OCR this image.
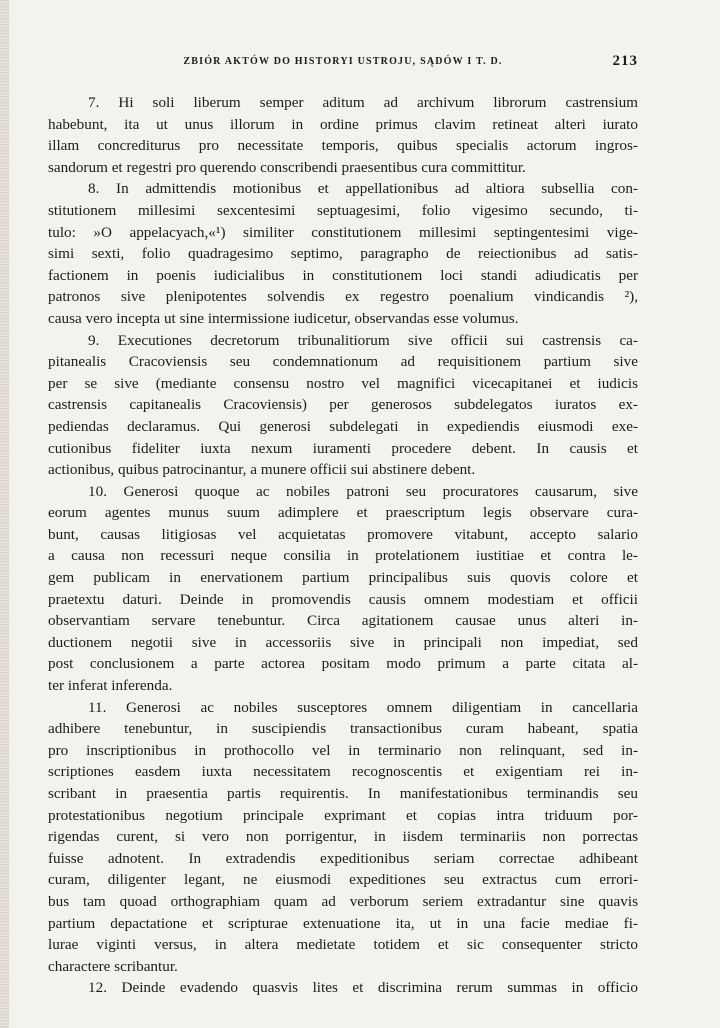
ZBIÓR AKTÓW DO HISTORYI USTROJU, SĄDÓW I T. D.	213
7. Hi soli liberum semper aditum ad archivum librorum castrensium
habebunt, ita ut unus illorum in ordine primus clavim retineat alteri iurato
illam concrediturus pro necessitate temporis, quibus specialis actorum ingros-
sandorum et regestri pro querendo conscribendi praesentibus cura committitur.
8. In admittendis motionibus et appellationibus ad altiora subsellia con-
stitutionem millesimi sexcentesimi septuagesimi, folio vigesimo secundo, ti-
tulo: »O appelacyach,«¹) similiter constitutionem millesimi septingentesimi vige-
simi sexti, folio quadragesimo septimo, paragrapho de reiectionibus ad satis-
factionem in poenis iudicialibus in constitutionem loci standi adiudicatis per
patronos sive plenipotentes solvendis ex regestro poenalium vindicandis ²),
causa vero incepta ut sine intermissione iudicetur, observandas esse volumus.
9. Executiones decretorum tribunalitiorum sive officii sui castrensis ca-
pitanealis Cracoviensis seu condemnationum ad requisitionem partium sive
per se sive (mediante consensu nostro vel magnifici vicecapitanei et iudicis
castrensis capitanealis Cracoviensis) per generosos subdelegatos iuratos ex-
pediendas declaramus. Qui generosi subdelegati in expediendis eiusmodi exe-
cutionibus fideliter iuxta nexum iuramenti procedere debent. In causis et
actionibus, quibus patrocinantur, a munere officii sui abstinere debent.
10. Generosi quoque ac nobiles patroni seu procuratores causarum, sive
eorum agentes munus suum adimplere et praescriptum legis observare cura-
bunt, causas litigiosas vel acquietatas promovere vitabunt, accepto salario
a causa non recessuri neque consilia in protelationem iustitiae et contra le-
gem publicam in enervationem partium principalibus suis quovis colore et
praetextu daturi. Deinde in promovendis causis omnem modestiam et officii
observantiam servare tenebuntur. Circa agitationem causae unus alteri in-
ductionem negotii sive in accessoriis sive in principali non impediat, sed
post conclusionem a parte actorea positam modo primum a parte citata al-
ter inferat inferenda.
11. Generosi ac nobiles susceptores omnem diligentiam in cancellaria
adhibere tenebuntur, in suscipiendis transactionibus curam habeant, spatia
pro inscriptionibus in prothocollo vel in terminario non relinquant, sed in-
scriptiones easdem iuxta necessitatem recognoscentis et exigentiam rei in-
scribant in praesentia partis requirentis. In manifestationibus terminandis seu
protestationibus negotium principale exprimant et copias intra triduum por-
rigendas curent, si vero non porrigentur, in iisdem terminariis non porrectas
fuisse adnotent. In extradendis expeditionibus seriam correctae adhibeant
curam, diligenter legant, ne eiusmodi expeditiones seu extractus cum errori-
bus tam quoad orthographiam quam ad verborum seriem extradantur sine quavis
partium depactatione et scripturae extenuatione ita, ut in una facie mediae fi-
lurae viginti versus, in altera medietate totidem et sic consequenter stricto
charactere scribantur.
12. Deinde evadendo quasvis lites et discrimina rerum summas in officio
